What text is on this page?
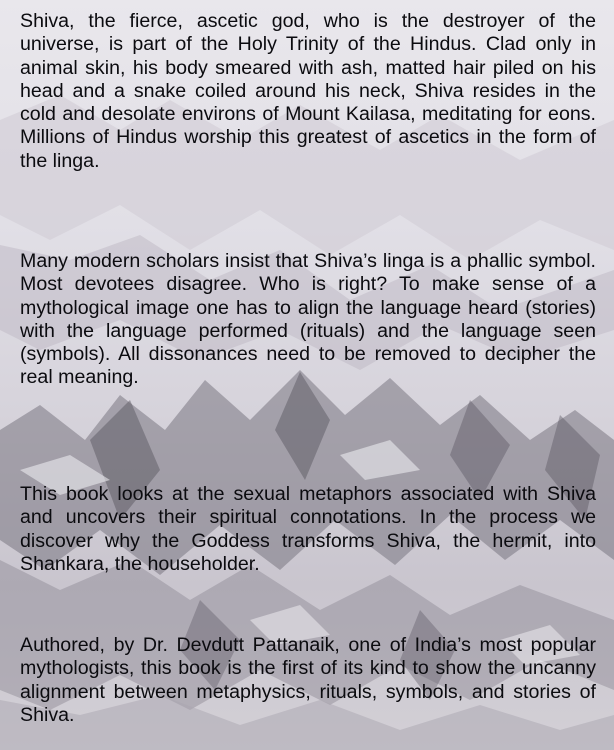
Shiva, the fierce, ascetic god, who is the destroyer of the universe, is part of the Holy Trinity of the Hindus. Clad only in animal skin, his body smeared with ash, matted hair piled on his head and a snake coiled around his neck, Shiva resides in the cold and desolate environs of Mount Kailasa, meditating for eons. Millions of Hindus worship this greatest of ascetics in the form of the linga.

Many modern scholars insist that Shiva’s linga is a phallic symbol. Most devotees disagree. Who is right? To make sense of a mythological image one has to align the language heard (stories) with the language performed (rituals) and the language seen (symbols). All dissonances need to be removed to decipher the real meaning.

This book looks at the sexual metaphors associated with Shiva and uncovers their spiritual connotations. In the process we discover why the Goddess transforms Shiva, the hermit, into Shankara, the householder.

Authored, by Dr. Devdutt Pattanaik, one of India’s most popular mythologists, this book is the first of its kind to show the uncanny alignment between metaphysics, rituals, symbols, and stories of Shiva.
